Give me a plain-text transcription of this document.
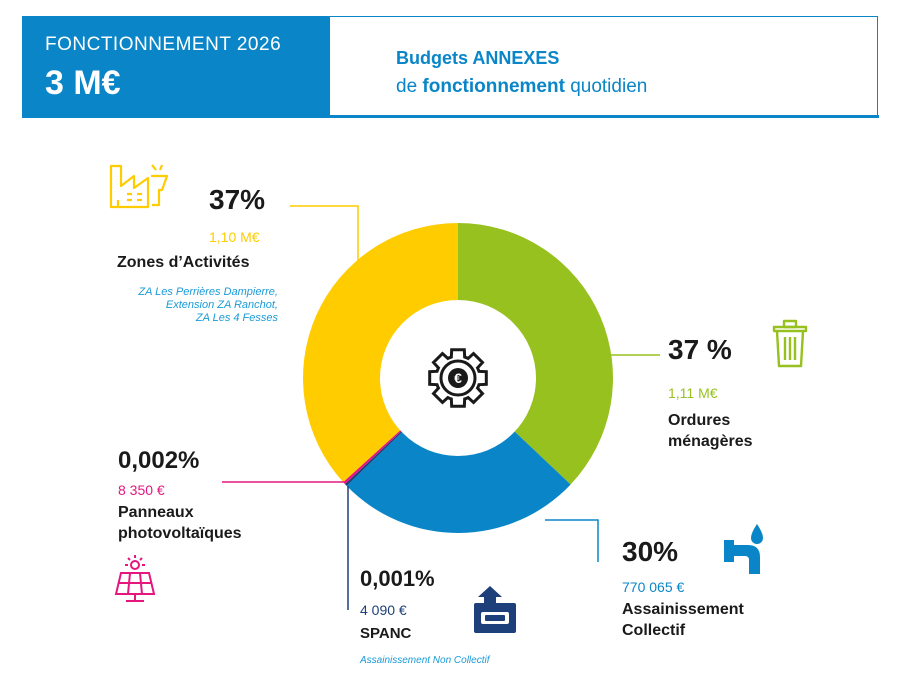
FONCTIONNEMENT 2026
3 M€
Budgets ANNEXES
de fonctionnement quotidien
€
37%
1,10 M€
Zones d’Activités
ZA Les Perrières Dampierre,
Extension ZA Ranchot,
ZA Les 4 Fesses
37 %
1,11 M€
Ordures
ménagères
30%
770 065 €
Assainissement
Collectif
0,001%
4 090 €
SPANC
Assainissement Non Collectif
0,002%
8 350 €
Panneaux
photovoltaïques
